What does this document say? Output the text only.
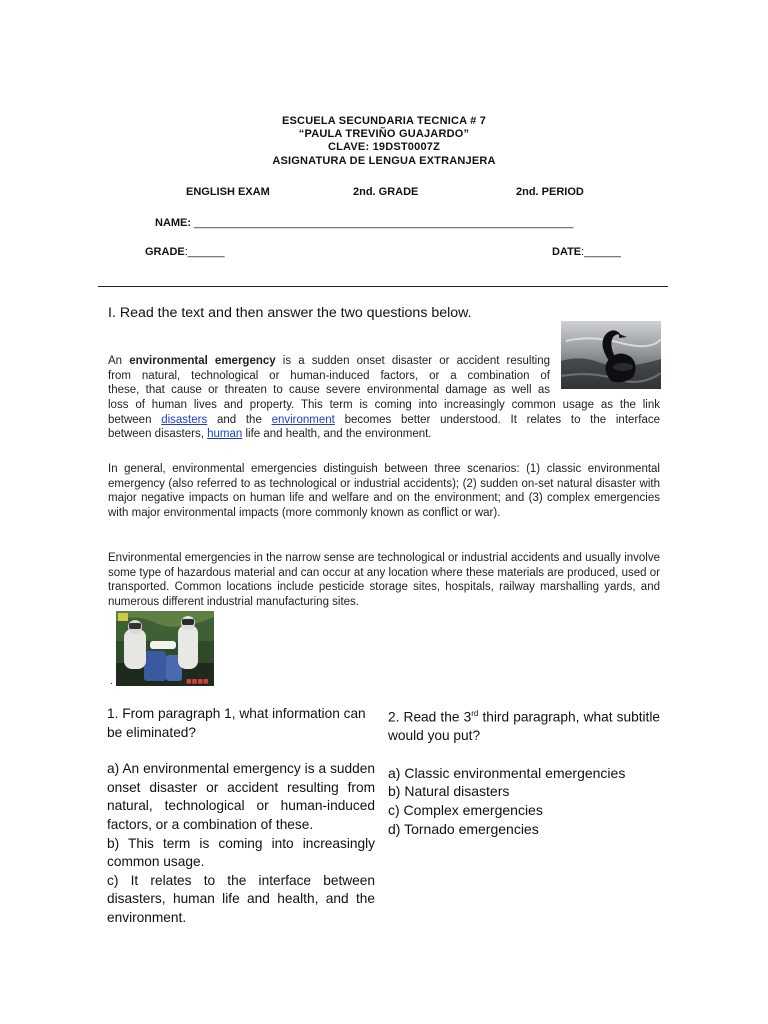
ESCUELA SECUNDARIA TECNICA # 7
“PAULA TREVIÑO GUAJARDO”
CLAVE: 19DST0007Z
ASIGNATURA DE LENGUA EXTRANJERA
ENGLISH EXAM	2nd. GRADE	2nd. PERIOD
NAME: ______________________________________________________________
GRADE:______	DATE:______
I. Read the text and then answer the two questions below.
An environmental emergency is a sudden onset disaster or accident resulting
from natural, technological or human-induced factors, or a combination of
these, that cause or threaten to cause severe environmental damage as well as
loss of human lives and property. This term is coming into increasingly common usage as the link
between disasters and the environment becomes better understood. It relates to the interface
between disasters, human life and health, and the environment.
In general, environmental emergencies distinguish between three scenarios: (1) classic environmental emergency (also referred to as technological or industrial accidents); (2) sudden on-set natural disaster with major negative impacts on human life and welfare and on the environment; and (3) complex emergencies with major environmental impacts (more commonly known as conflict or war).
Environmental emergencies in the narrow sense are technological or industrial accidents and usually involve some type of hazardous material and can occur at any location where these materials are produced, used or transported. Common locations include pesticide storage sites, hospitals, railway marshalling yards, and numerous different industrial manufacturing sites.
■■■■
.
1. From paragraph 1, what information can be eliminated?
a) An environmental emergency is a sudden onset disaster or accident resulting from natural, technological or human-induced factors, or a combination of these.
b) This term is coming into increasingly common usage.
c) It relates to the interface between disasters, human life and health, and the environment.
2. Read the 3rd third paragraph, what subtitle would you put?
a) Classic environmental emergencies
b) Natural disasters
c) Complex emergencies
d) Tornado emergencies
